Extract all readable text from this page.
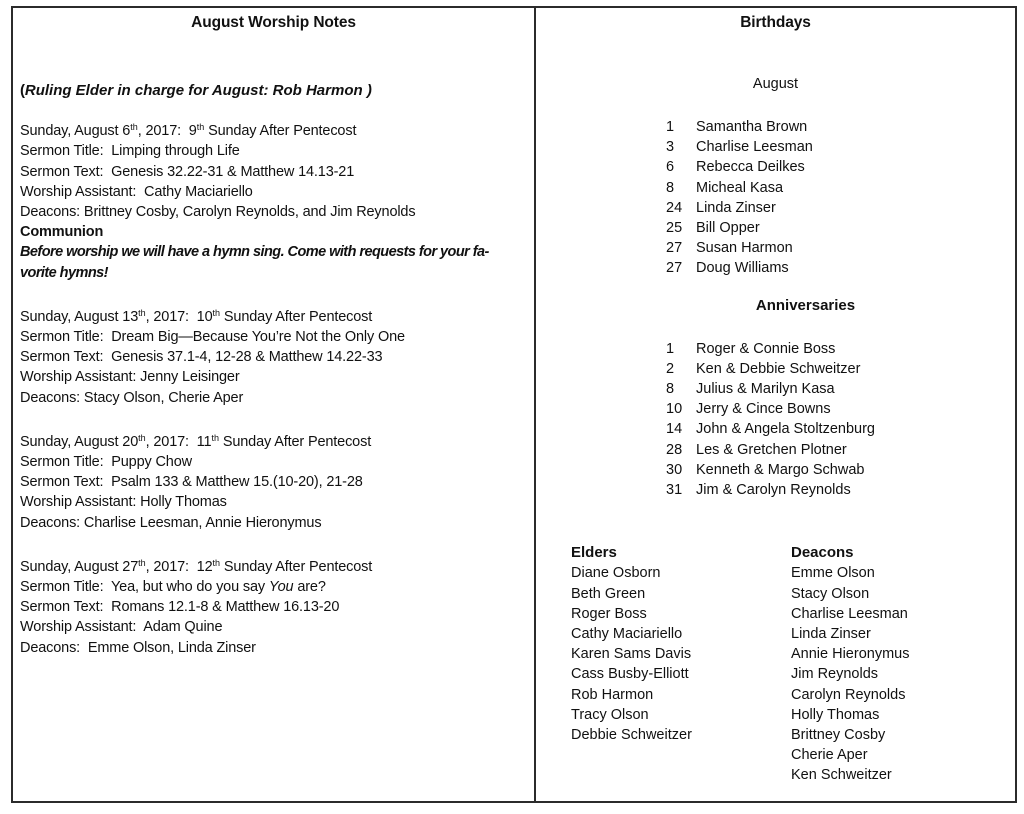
August Worship Notes
(Ruling Elder in charge for August: Rob Harmon )
Sunday, August 6th, 2017:  9th Sunday After Pentecost
Sermon Title:  Limping through Life
Sermon Text:  Genesis 32.22-31 & Matthew 14.13-21
Worship Assistant:  Cathy Maciariello
Deacons: Brittney Cosby, Carolyn Reynolds, and Jim Reynolds
Communion
Before worship we will have a hymn sing. Come with requests for your fa-
vorite hymns!
Sunday, August 13th, 2017:  10th Sunday After Pentecost
Sermon Title:  Dream Big—Because You’re Not the Only One
Sermon Text:  Genesis 37.1-4, 12-28 & Matthew 14.22-33
Worship Assistant: Jenny Leisinger
Deacons: Stacy Olson, Cherie Aper
Sunday, August 20th, 2017:  11th Sunday After Pentecost
Sermon Title:  Puppy Chow
Sermon Text:  Psalm 133 & Matthew 15.(10-20), 21-28
Worship Assistant: Holly Thomas
Deacons: Charlise Leesman, Annie Hieronymus
Sunday, August 27th, 2017:  12th Sunday After Pentecost
Sermon Title:  Yea, but who do you say You are?
Sermon Text:  Romans 12.1-8 & Matthew 16.13-20
Worship Assistant:  Adam Quine
Deacons:  Emme Olson, Linda Zinser
Birthdays
August
1	Samantha Brown
3	Charlise Leesman
6	Rebecca Deilkes
8	Micheal Kasa
24 Linda Zinser
25 Bill Opper
27 Susan Harmon
27 Doug Williams
Anniversaries
1	Roger & Connie Boss
2	Ken & Debbie Schweitzer
8	Julius & Marilyn Kasa
10 Jerry & Cince Bowns
14 John & Angela Stoltzenburg
28 Les & Gretchen Plotner
30 Kenneth & Margo Schwab
31 Jim & Carolyn Reynolds
Elders
Diane Osborn
Beth Green
Roger Boss
Cathy Maciariello
Karen Sams Davis
Cass Busby-Elliott
Rob Harmon
Tracy Olson
Debbie Schweitzer
Deacons
Emme Olson
Stacy Olson
Charlise Leesman
Linda Zinser
Annie Hieronymus
Jim Reynolds
Carolyn Reynolds
Holly Thomas
Brittney Cosby
Cherie Aper
Ken Schweitzer
